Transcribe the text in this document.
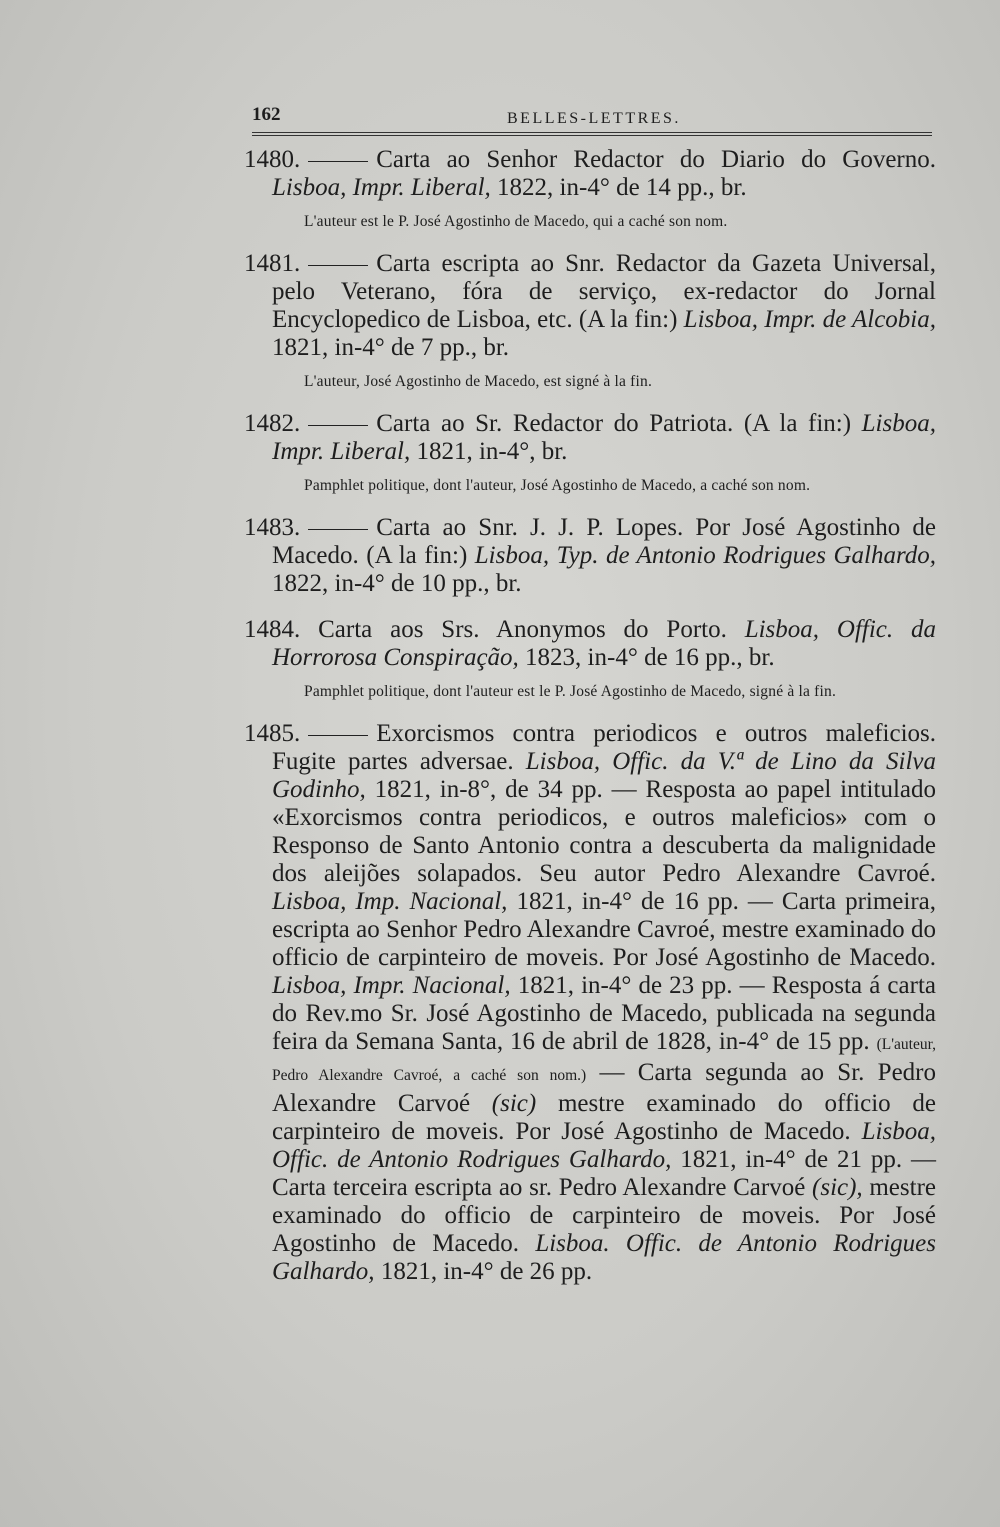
162	BELLES-LETTRES.

1480.	Carta ao Senhor Redactor do Diario do Governo. Lisboa, Impr. Liberal, 1822, in-4° de 14 pp., br.

L'auteur est le P. José Agostinho de Macedo, qui a caché son nom.

1481.	Carta escripta ao Snr. Redactor da Gazeta Universal, pelo Veterano, fóra de serviço, ex-redactor do Jornal Encyclopedico de Lisboa, etc. (A la fin:) Lisboa, Impr. de Alcobia, 1821, in-4° de 7 pp., br.

L'auteur, José Agostinho de Macedo, est signé à la fin.

1482.	Carta ao Sr. Redactor do Patriota. (A la fin:) Lisboa, Impr. Liberal, 1821, in-4°, br.

Pamphlet politique, dont l'auteur, José Agostinho de Macedo, a caché son nom.

1483.	Carta ao Snr. J. J. P. Lopes. Por José Agostinho de Macedo. (A la fin:) Lisboa, Typ. de Antonio Rodrigues Galhardo, 1822, in-4° de 10 pp., br.

1484. Carta aos Srs. Anonymos do Porto. Lisboa, Offic. da Horrorosa Conspiração, 1823, in-4° de 16 pp., br.

Pamphlet politique, dont l'auteur est le P. José Agostinho de Macedo, signé à la fin.

1485.	Exorcismos contra periodicos e outros maleficios. Fugite partes adversae. Lisboa, Offic. da V.ª de Lino da Silva Godinho, 1821, in-8°, de 34 pp. — Resposta ao papel intitulado «Exorcismos contra periodicos, e outros maleficios» com o Responso de Santo Antonio contra a descuberta da malignidade dos aleijões solapados. Seu autor Pedro Alexandre Cavroé. Lisboa, Imp. Nacional, 1821, in-4° de 16 pp. — Carta primeira, escripta ao Senhor Pedro Alexandre Cavroé, mestre examinado do officio de carpinteiro de moveis. Por José Agostinho de Macedo. Lisboa, Impr. Nacional, 1821, in-4° de 23 pp. — Resposta á carta do Rev.mo Sr. José Agostinho de Macedo, publicada na segunda feira da Semana Santa, 16 de abril de 1828, in-4° de 15 pp. (L'auteur, Pedro Alexandre Cavroé, a caché son nom.) — Carta segunda ao Sr. Pedro Alexandre Carvoé (sic) mestre examinado do officio de carpinteiro de moveis. Por José Agostinho de Macedo. Lisboa, Offic. de Antonio Rodrigues Galhardo, 1821, in-4° de 21 pp. — Carta terceira escripta ao sr. Pedro Alexandre Carvoé (sic), mestre examinado do officio de carpinteiro de moveis. Por José Agostinho de Macedo. Lisboa. Offic. de Antonio Rodrigues Galhardo, 1821, in-4° de 26 pp.
